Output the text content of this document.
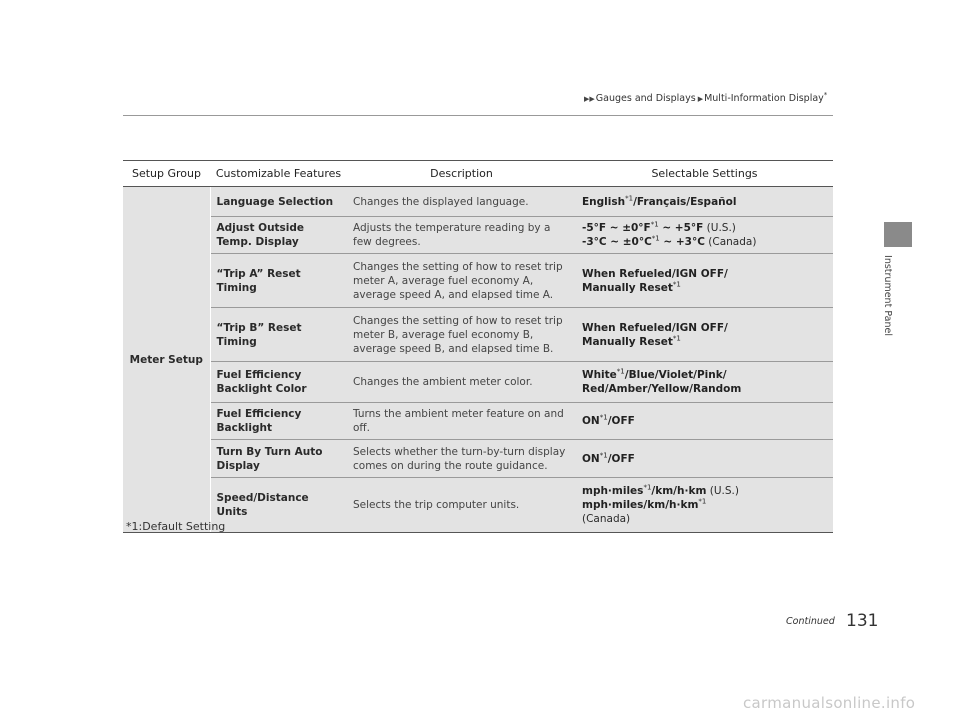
▶▶ Gauges and Displays ▶ Multi-Information Display *
Instrument Panel
Setup Group	Customizable Features	Description	Selectable Settings
Meter Setup	Language Selection	Changes the displayed language.	English$^{*1}$/Français/Español
	Adjust Outside Temp. Display	Adjusts the temperature reading by a few degrees.	-5°F ~ $\pm 0^\circ F^{*1}$ ~ +5°F (U.S.)
-3°C ~ $\pm 0^\circ C^{*1}$ ~ +3°C (Canada)

	“Trip A” Reset Timing	Changes the setting of how to reset trip meter A, average fuel economy A, average speed A, and elapsed time A.	When Refueled/IGN OFF/
Manually Reset$^{*1}$

	“Trip B” Reset Timing	Changes the setting of how to reset trip meter B, average fuel economy B, average speed B, and elapsed time B.	When Refueled/IGN OFF/
Manually Reset$^{*1}$

	Fuel Efficiency Backlight Color	Changes the ambient meter color.	White$^{*1}$/Blue/Violet/Pink/
Red/Amber/Yellow/Random

	Fuel Efficiency Backlight	Turns the ambient meter feature on and off.	ON$^{*1}$/OFF
	Turn By Turn Auto Display	Selects whether the turn-by-turn display comes on during the route guidance.	ON$^{*1}$/OFF
	Speed/Distance Units	Selects the trip computer units.	mph·miles$^{*1}$/km/h·km (U.S.)
$mph\cdot miles/km/h\cdot km^{*1}$
(Canada)
*1:Default Setting
Continued 131
carmanualsonline.info
